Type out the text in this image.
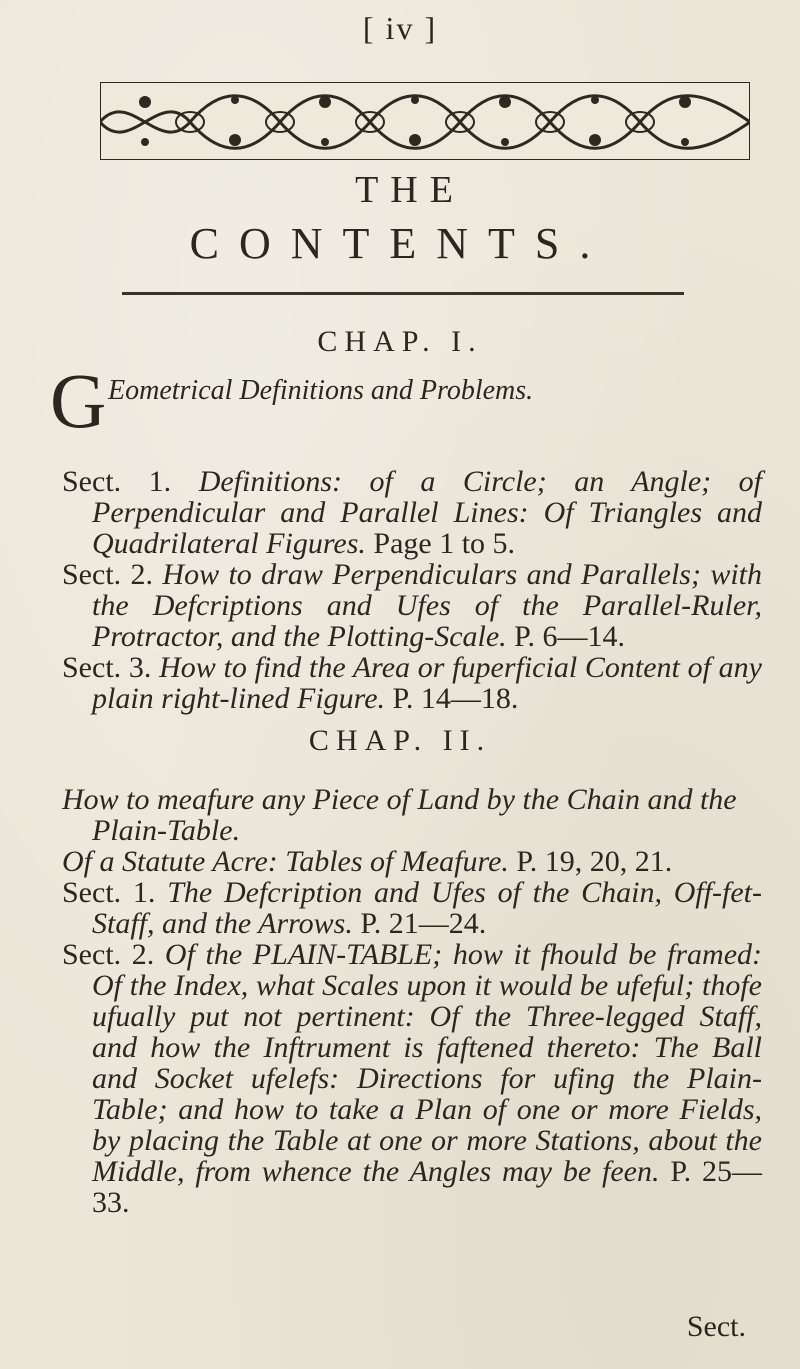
[ iv ]
THE
CONTENTS.
CHAP. I.
G Eometrical Definitions and Problems.
Sect. 1. Definitions: of a Circle; an Angle; of Perpendicular and Parallel Lines: Of Triangles and Quadrilateral Figures. Page 1 to 5.
Sect. 2. How to draw Perpendiculars and Parallels; with the Defcriptions and Ufes of the Parallel-Ruler, Protractor, and the Plotting-Scale. P. 6—14.
Sect. 3. How to find the Area or fuperficial Content of any plain right-lined Figure. P. 14—18.
CHAP. II.
How to meafure any Piece of Land by the Chain and the Plain-Table.
Of a Statute Acre: Tables of Meafure. P. 19, 20, 21.
Sect. 1. The Defcription and Ufes of the Chain, Off-fet-Staff, and the Arrows. P. 21—24.
Sect. 2. Of the PLAIN-TABLE; how it fhould be framed: Of the Index, what Scales upon it would be ufeful; thofe ufually put not pertinent: Of the Three-legged Staff, and how the Inftrument is faftened thereto: The Ball and Socket ufelefs: Directions for ufing the Plain-Table; and how to take a Plan of one or more Fields, by placing the Table at one or more Stations, about the Middle, from whence the Angles may be feen. P. 25—33.
Sect.
